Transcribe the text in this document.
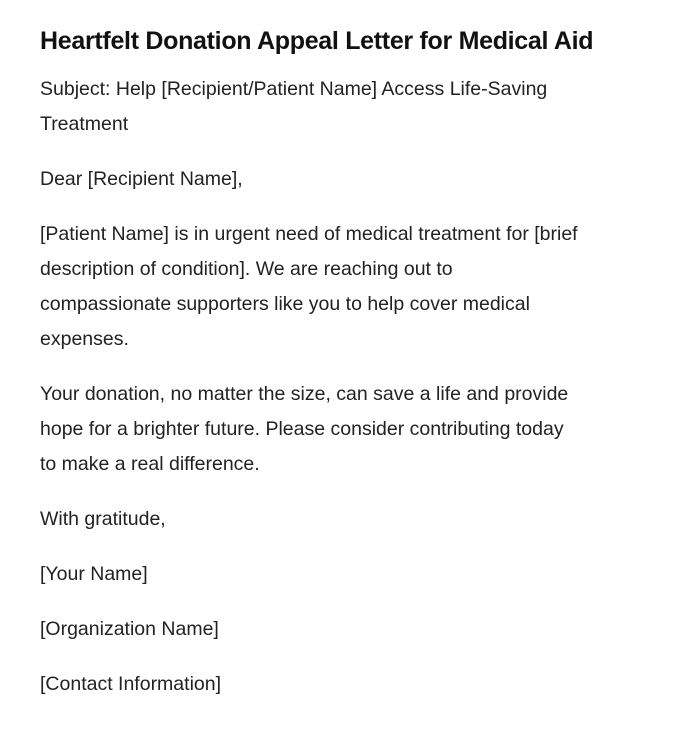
Heartfelt Donation Appeal Letter for Medical Aid

Subject: Help [Recipient/Patient Name] Access Life-Saving
Treatment

Dear [Recipient Name],

[Patient Name] is in urgent need of medical treatment for [brief
description of condition]. We are reaching out to
compassionate supporters like you to help cover medical
expenses.

Your donation, no matter the size, can save a life and provide
hope for a brighter future. Please consider contributing today
to make a real difference.

With gratitude,

[Your Name]

[Organization Name]

[Contact Information]
